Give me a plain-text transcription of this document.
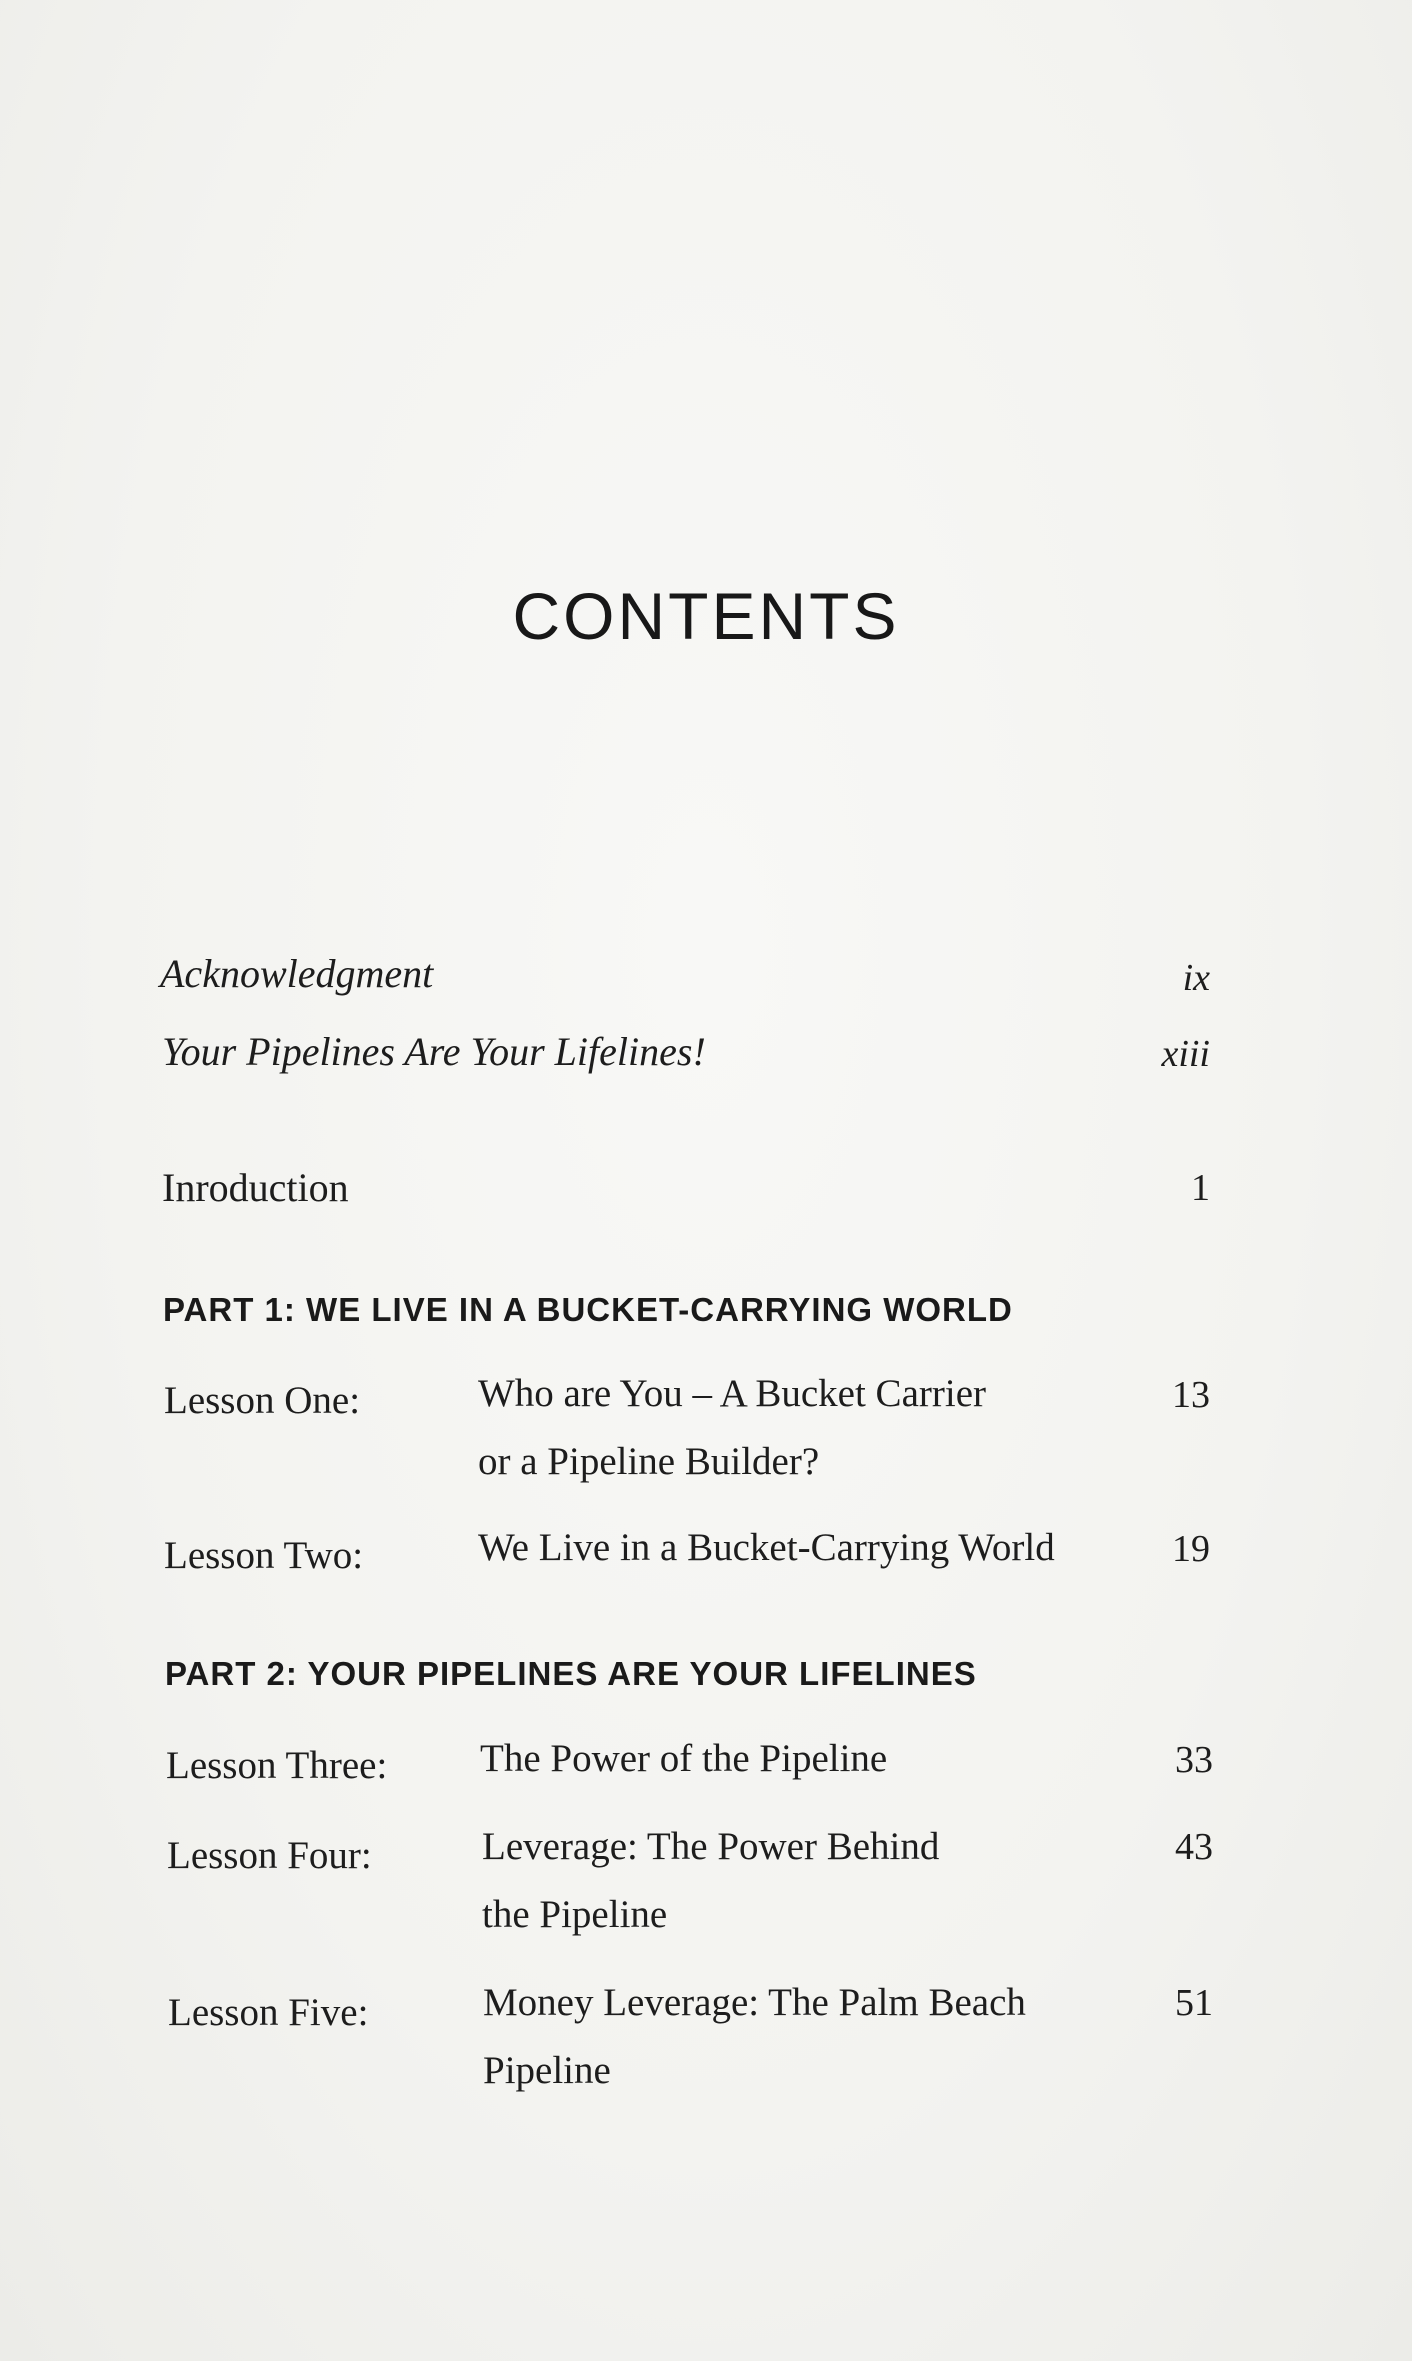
CONTENTS
Acknowledgment	ix
Your Pipelines Are Your Lifelines!	xiii
Inroduction	1
PART 1: WE LIVE IN A BUCKET-CARRYING WORLD
Lesson One:	Who are You – A Bucket Carrier
or a Pipeline Builder?
13
Lesson Two:	We Live in a Bucket-Carrying World	19
PART 2: YOUR PIPELINES ARE YOUR LIFELINES
Lesson Three: The Power of the Pipeline	33
Lesson Four:	Leverage: The Power Behind
the Pipeline
43
Lesson Five:	Money Leverage: The Palm Beach
Pipeline
51
